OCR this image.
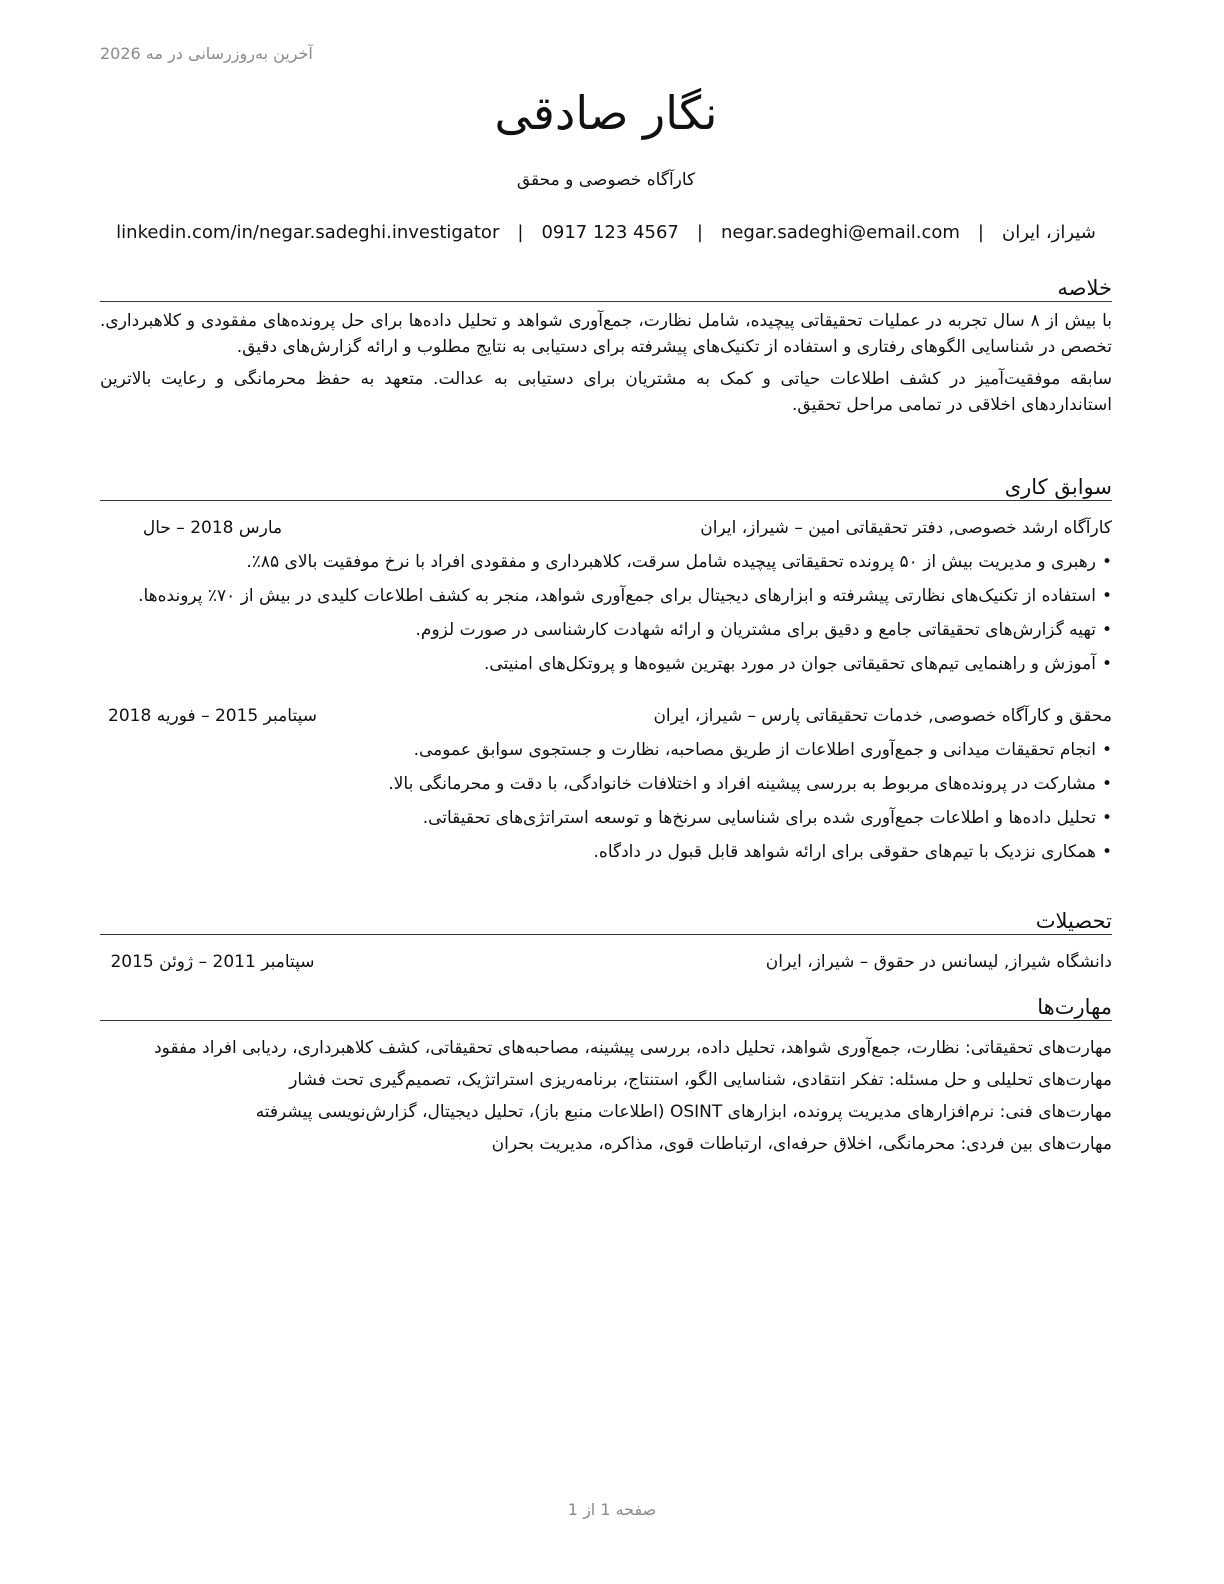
آخرین به‌روزرسانی در مه 2026
نگار صادقی
کارآگاه خصوصی و محقق
شیراز، ایران
|
negar.sadeghi@email.com
|
0917 123 4567
|
linkedin.com/in/negar.sadeghi.investigator
خلاصه

با بیش از ۸ سال تجربه در عملیات تحقیقاتی پیچیده، شامل نظارت، جمع‌آوری شواهد و تحلیل داده‌ها برای حل پرونده‌های مفقودی و کلاهبرداری. تخصص در شناسایی الگوهای رفتاری و استفاده از تکنیک‌های پیشرفته برای دستیابی به نتایج مطلوب و ارائه گزارش‌های دقیق.

سابقه موفقیت‌آمیز در کشف اطلاعات حیاتی و کمک به مشتریان برای دستیابی به عدالت. متعهد به حفظ محرمانگی و رعایت بالاترین استانداردهای اخلاقی در تمامی مراحل تحقیق.

سوابق کاری
کارآگاه ارشد خصوصی, دفتر تحقیقاتی امین – شیراز، ایران
مارس 2018 – حال
• رهبری و مدیریت بیش از ۵۰ پرونده تحقیقاتی پیچیده شامل سرقت، کلاهبرداری و مفقودی افراد با نرخ موفقیت بالای ۸۵٪.
• استفاده از تکنیک‌های نظارتی پیشرفته و ابزارهای دیجیتال برای جمع‌آوری شواهد، منجر به کشف اطلاعات کلیدی در بیش از ۷۰٪ پرونده‌ها.
• تهیه گزارش‌های تحقیقاتی جامع و دقیق برای مشتریان و ارائه شهادت کارشناسی در صورت لزوم.
• آموزش و راهنمایی تیم‌های تحقیقاتی جوان در مورد بهترین شیوه‌ها و پروتکل‌های امنیتی.
محقق و کارآگاه خصوصی, خدمات تحقیقاتی پارس – شیراز، ایران
سپتامبر 2015 – فوریه 2018
• انجام تحقیقات میدانی و جمع‌آوری اطلاعات از طریق مصاحبه، نظارت و جستجوی سوابق عمومی.
• مشارکت در پرونده‌های مربوط به بررسی پیشینه افراد و اختلافات خانوادگی، با دقت و محرمانگی بالا.
• تحلیل داده‌ها و اطلاعات جمع‌آوری شده برای شناسایی سرنخ‌ها و توسعه استراتژی‌های تحقیقاتی.
• همکاری نزدیک با تیم‌های حقوقی برای ارائه شواهد قابل قبول در دادگاه.
تحصیلات
دانشگاه شیراز, لیسانس در حقوق – شیراز، ایران
سپتامبر 2011 – ژوئن 2015
مهارت‌ها
مهارت‌های تحقیقاتی: نظارت، جمع‌آوری شواهد، تحلیل داده، بررسی پیشینه، مصاحبه‌های تحقیقاتی، کشف کلاهبرداری، ردیابی افراد مفقود
مهارت‌های تحلیلی و حل مسئله: تفکر انتقادی، شناسایی الگو، استنتاج، برنامه‌ریزی استراتژیک، تصمیم‌گیری تحت فشار
مهارت‌های فنی: نرم‌افزارهای مدیریت پرونده، ابزارهای OSINT (اطلاعات منبع باز)، تحلیل دیجیتال، گزارش‌نویسی پیشرفته
مهارت‌های بین فردی: محرمانگی، اخلاق حرفه‌ای، ارتباطات قوی، مذاکره، مدیریت بحران
صفحه 1 از 1
